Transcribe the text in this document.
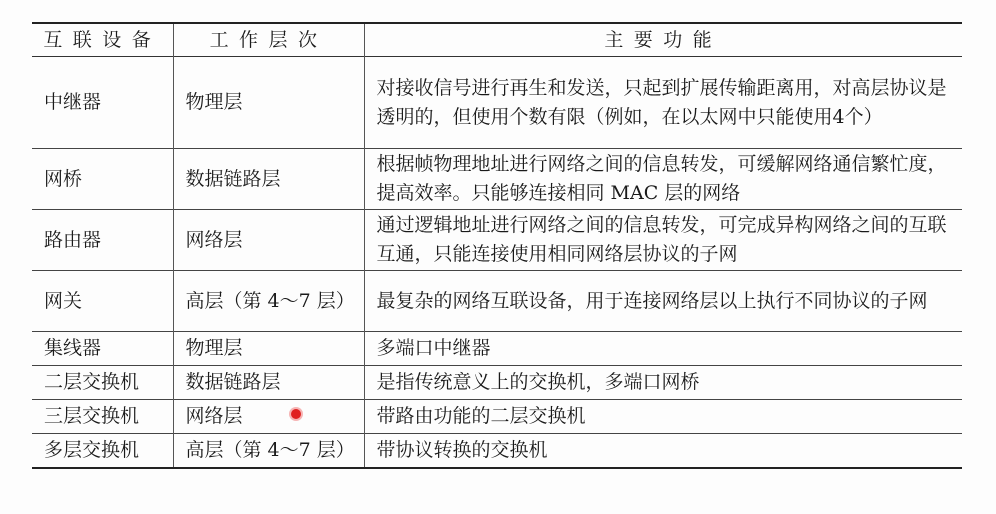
互联设备	工作层次	主要功能
中继器	物理层	对接收信号进行再生和发送，只起到扩展传输距离用，对高层协议是透明的，但使用个数有限（例如，在以太网中只能使用4个）
网桥	数据链路层	根据帧物理地址进行网络之间的信息转发，可缓解网络通信繁忙度，提高效率。只能够连接相同 MAC 层的网络
路由器	网络层	通过逻辑地址进行网络之间的信息转发，可完成异构网络之间的互联互通，只能连接使用相同网络层协议的子网
网关	高层（第 4～7 层）	最复杂的网络互联设备，用于连接网络层以上执行不同协议的子网
集线器	物理层	多端口中继器
二层交换机	数据链路层	是指传统意义上的交换机，多端口网桥
三层交换机	网络层	带路由功能的二层交换机
多层交换机	高层（第 4～7 层）	带协议转换的交换机
